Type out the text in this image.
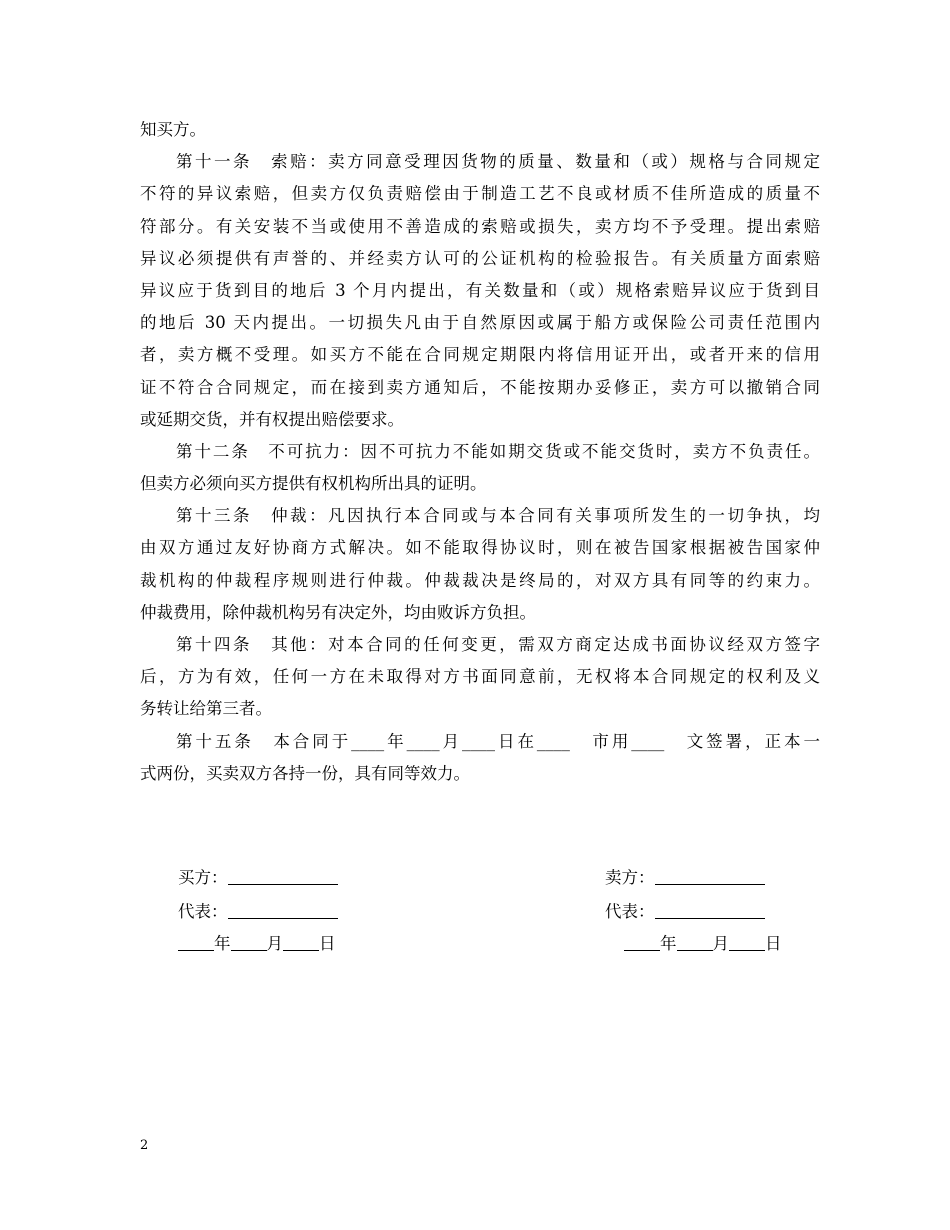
知买方。
第十一条　索赔：卖方同意受理因货物的质量、数量和（或）规格与合同规定
不符的异议索赔，但卖方仅负责赔偿由于制造工艺不良或材质不佳所造成的质量不
符部分。有关安装不当或使用不善造成的索赔或损失，卖方均不予受理。提出索赔
异议必须提供有声誉的、并经卖方认可的公证机构的检验报告。有关质量方面索赔
异议应于货到目的地后 3 个月内提出，有关数量和（或）规格索赔异议应于货到目
的地后 30 天内提出。一切损失凡由于自然原因或属于船方或保险公司责任范围内
者，卖方概不受理。如买方不能在合同规定期限内将信用证开出，或者开来的信用
证不符合合同规定，而在接到卖方通知后，不能按期办妥修正，卖方可以撤销合同
或延期交货，并有权提出赔偿要求。
第十二条　不可抗力：因不可抗力不能如期交货或不能交货时，卖方不负责任。
但卖方必须向买方提供有权机构所出具的证明。
第十三条　仲裁：凡因执行本合同或与本合同有关事项所发生的一切争执，均
由双方通过友好协商方式解决。如不能取得协议时，则在被告国家根据被告国家仲
裁机构的仲裁程序规则进行仲裁。仲裁裁决是终局的，对双方具有同等的约束力。
仲裁费用，除仲裁机构另有决定外，均由败诉方负担。
第十四条　其他：对本合同的任何变更，需双方商定达成书面协议经双方签字
后，方为有效，任何一方在未取得对方书面同意前，无权将本合同规定的权利及义
务转让给第三者。
第十五条　本合同于____年____月____日在____　市用____　文签署，正本一
式两份，买卖双方各持一份，具有同等效力。
买方：	卖方：
代表：	代表：
年 月 日	年 月 日
2
